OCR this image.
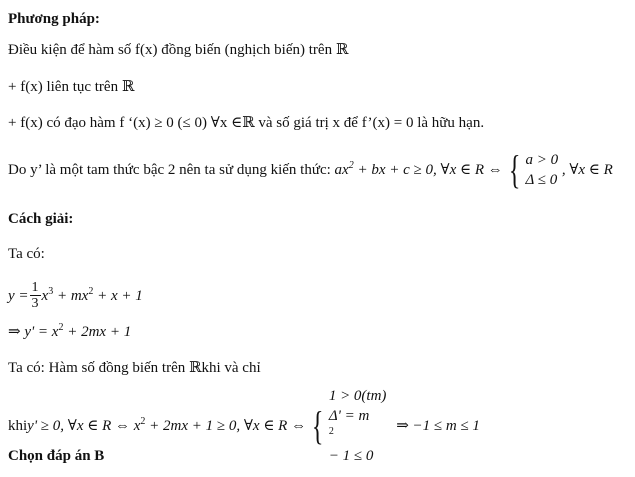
Phương pháp:
Điều kiện để hàm số f(x) đồng biến (nghịch biến) trên ℝ
+ f(x) liên tục trên ℝ
+ f(x) có đạo hàm f ‘(x) ≥ 0 (≤ 0) ∀x ∈ℝ và số giá trị x để f’(x) = 0 là hữu hạn.
Do y’ là một tam thức bậc 2 nên ta sử dụng kiến thức: $ax^2$ + bx + c ≥ 0, ∀x ∈ R ⇔ { a > 0
Δ ≤ 0
, ∀x ∈ R
Cách giải:
Ta có:
$y = \frac{1}{3} x^3 + mx^2 + x + 1$
⇒ $y' = x^2 + 2mx + 1$
Ta có: Hàm số đồng biến trên ℝkhi và chỉ
khiy' ≥ 0, ∀x ∈ R ⇔ $x^2 + 2mx + 1 \ge 0$, ∀x ∈ R ⇔ {
1 > 0(tm)
Δ' = m
$^2$
− 1 ≤ 0
⇒ −1 ≤ m ≤ 1
Chọn đáp án B
